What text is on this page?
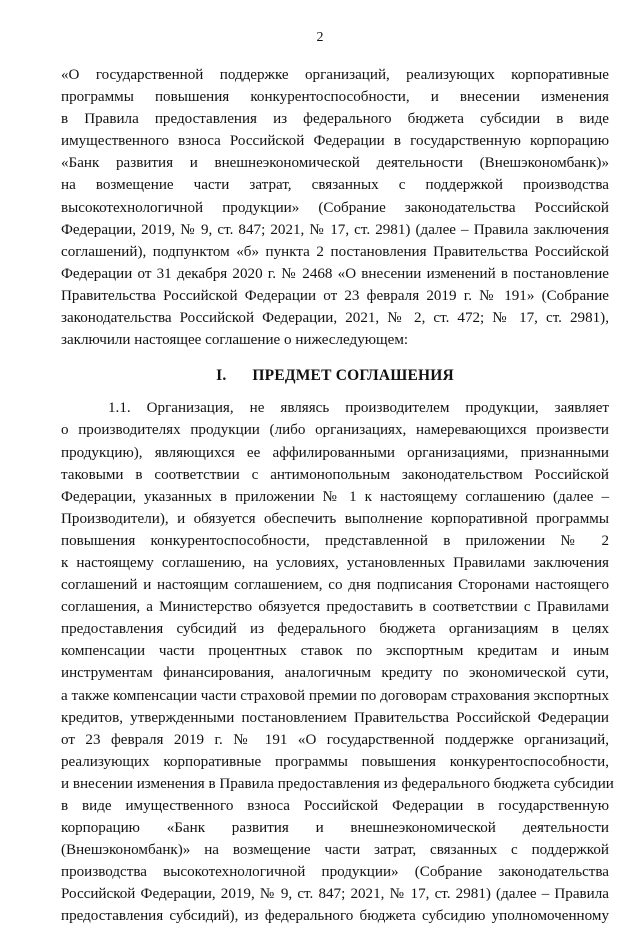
2
«О государственной поддержке организаций, реализующих корпоративные
программы повышения конкурентоспособности, и внесении изменения
в Правила предоставления из федерального бюджета субсидии в виде
имущественного взноса Российской Федерации в государственную корпорацию
«Банк развития и внешнеэкономической деятельности (Внешэкономбанк)»
на возмещение части затрат, связанных с поддержкой производства
высокотехнологичной продукции» (Собрание законодательства Российской
Федерации, 2019, № 9, ст. 847; 2021, № 17, ст. 2981) (далее – Правила заключения
соглашений), подпунктом «б» пункта 2 постановления Правительства Российской
Федерации от 31 декабря 2020 г. № 2468 «О внесении изменений в постановление
Правительства Российской Федерации от 23 февраля 2019 г. № 191» (Собрание
законодательства Российской Федерации, 2021, № 2, ст. 472; № 17, ст. 2981),
заключили настоящее соглашение о нижеследующем:
I. ПРЕДМЕТ СОГЛАШЕНИЯ
1.1. Организация, не являясь производителем продукции, заявляет
о производителях продукции (либо организациях, намеревающихся произвести
продукцию), являющихся ее аффилированными организациями, признанными
таковыми в соответствии с антимонопольным законодательством Российской
Федерации, указанных в приложении № 1 к настоящему соглашению (далее –
Производители), и обязуется обеспечить выполнение корпоративной программы
повышения конкурентоспособности, представленной в приложении № 2
к настоящему соглашению, на условиях, установленных Правилами заключения
соглашений и настоящим соглашением, со дня подписания Сторонами настоящего
соглашения, а Министерство обязуется предоставить в соответствии с Правилами
предоставления субсидий из федерального бюджета организациям в целях
компенсации части процентных ставок по экспортным кредитам и иным
инструментам финансирования, аналогичным кредиту по экономической сути,
а также компенсации части страховой премии по договорам страхования экспортных
кредитов, утвержденными постановлением Правительства Российской Федерации
от 23 февраля 2019 г. № 191 «О государственной поддержке организаций,
реализующих корпоративные программы повышения конкурентоспособности,
и внесении изменения в Правила предоставления из федерального бюджета субсидии
в виде имущественного взноса Российской Федерации в государственную
корпорацию «Банк развития и внешнеэкономической деятельности
(Внешэкономбанк)» на возмещение части затрат, связанных с поддержкой
производства высокотехнологичной продукции» (Собрание законодательства
Российской Федерации, 2019, № 9, ст. 847; 2021, № 17, ст. 2981) (далее – Правила
предоставления субсидий), из федерального бюджета субсидию уполномоченному
